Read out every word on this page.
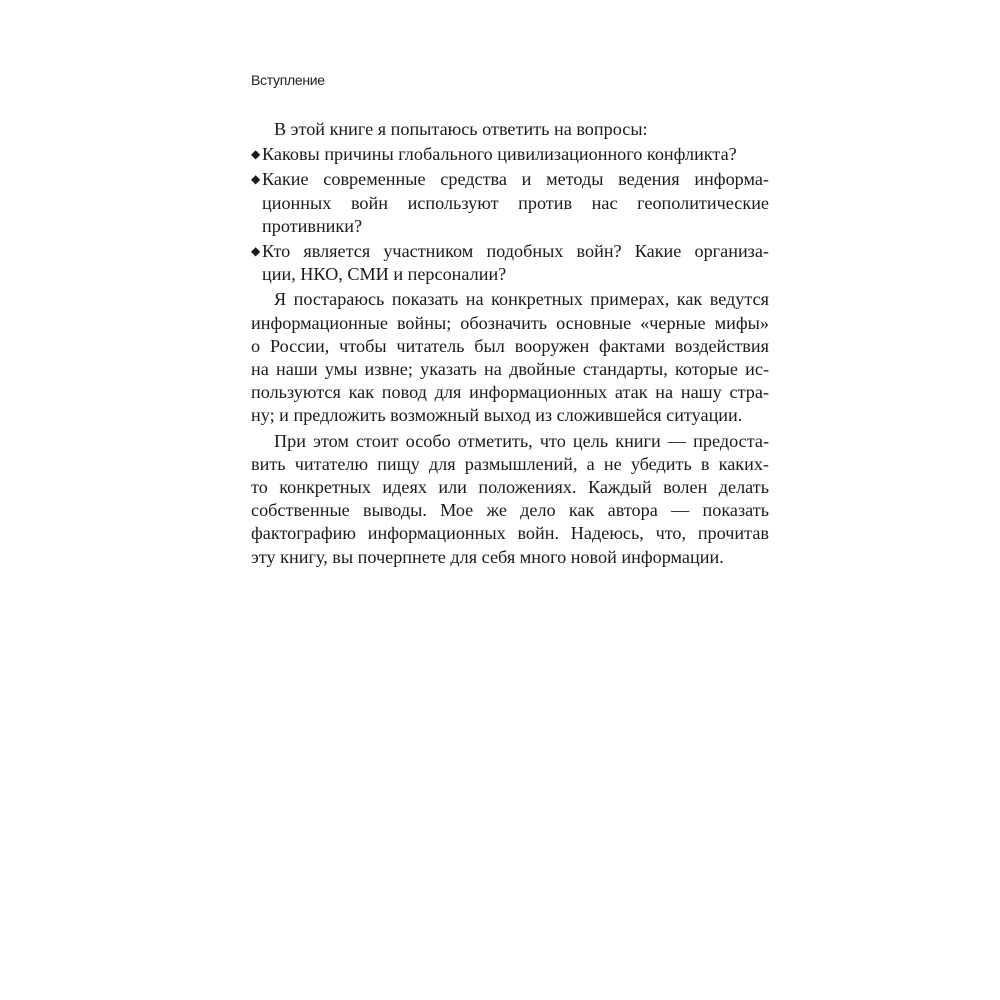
Вступление
В этой книге я попытаюсь ответить на вопросы:
◆ Каковы причины глобального цивилизационного конфликта?
◆ Какие современные средства и методы ведения информа-
ционных войн используют против нас геополитические
противники?
◆ Кто является участником подобных войн? Какие организа-
ции, НКО, СМИ и персоналии?
Я постараюсь показать на конкретных примерах, как ведутся
информационные войны; обозначить основные «черные мифы»
о России, чтобы читатель был вооружен фактами воздействия
на наши умы извне; указать на двойные стандарты, которые ис-
пользуются как повод для информационных атак на нашу стра-
ну; и предложить возможный выход из сложившейся ситуации.
При этом стоит особо отметить, что цель книги — предоста-
вить читателю пищу для размышлений, а не убедить в каких-
то конкретных идеях или положениях. Каждый волен делать
собственные выводы. Мое же дело как автора — показать
фактографию информационных войн. Надеюсь, что, прочитав
эту книгу, вы почерпнете для себя много новой информации.
